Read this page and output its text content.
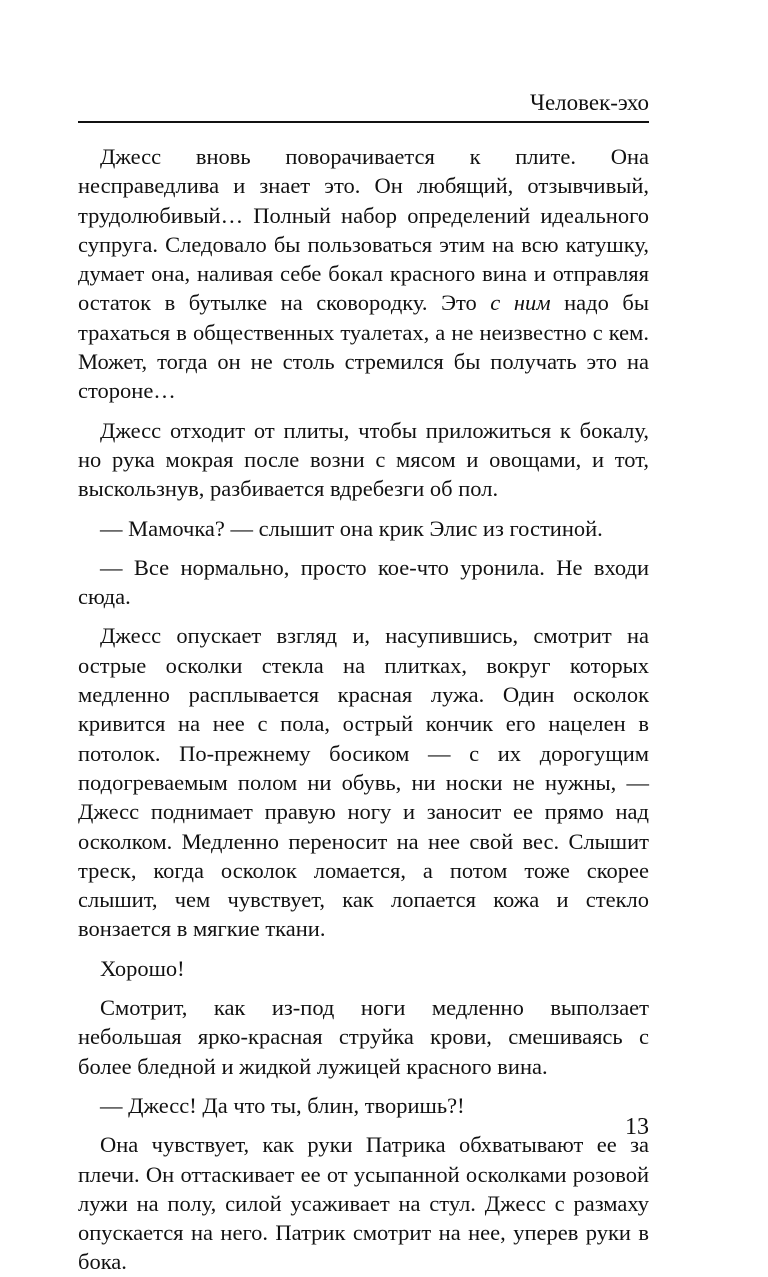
Человек-эхо

Джесс вновь поворачивается к плите. Она несправедлива и знает это. Он любящий, отзывчивый, трудолюбивый… Полный набор определений идеального супруга. Следовало бы пользоваться этим на всю катушку, думает она, наливая себе бокал красного вина и отправляя остаток в бутылке на сковородку. Это с ним надо бы трахаться в общественных туалетах, а не неизвестно с кем. Может, тогда он не столь стремился бы получать это на стороне…

Джесс отходит от плиты, чтобы приложиться к бокалу, но рука мокрая после возни с мясом и овощами, и тот, выскользнув, разбивается вдребезги об пол.

— Мамочка? — слышит она крик Элис из гостиной.

— Все нормально, просто кое-что уронила. Не входи сюда.

Джесс опускает взгляд и, насупившись, смотрит на острые осколки стекла на плитках, вокруг которых медленно расплывается красная лужа. Один осколок кривится на нее с пола, острый кончик его нацелен в потолок. По-прежнему босиком — с их дорогущим подогреваемым полом ни обувь, ни носки не нужны, — Джесс поднимает правую ногу и заносит ее прямо над осколком. Медленно переносит на нее свой вес. Слышит треск, когда осколок ломается, а потом тоже скорее слышит, чем чувствует, как лопается кожа и стекло вонзается в мягкие ткани.

Хорошо!

Смотрит, как из-под ноги медленно выползает небольшая ярко-красная струйка крови, смешиваясь с более бледной и жидкой лужицей красного вина.

— Джесс! Да что ты, блин, творишь?!

Она чувствует, как руки Патрика обхватывают ее за плечи. Он оттаскивает ее от усыпанной осколками розовой лужи на полу, силой усаживает на стул. Джесс с размаху опускается на него. Патрик смотрит на нее, уперев руки в бока.

13
